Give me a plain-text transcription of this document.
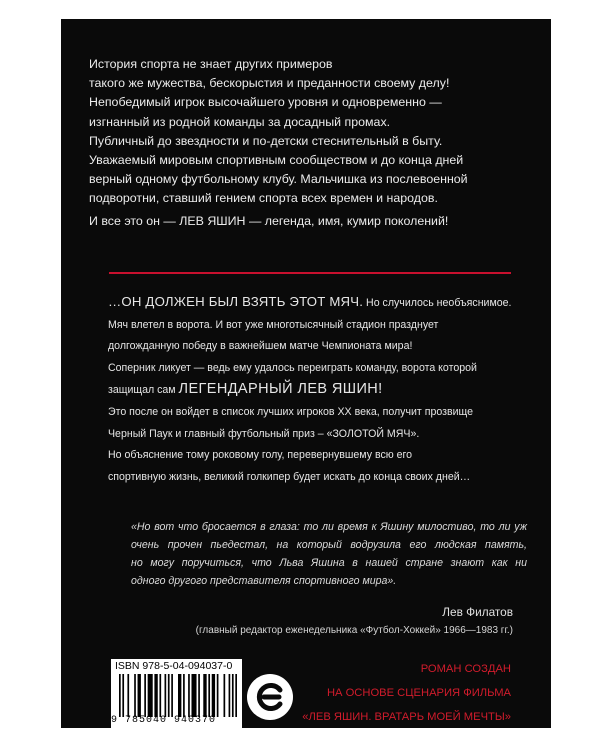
История спорта не знает других примеров

такого же мужества, бескорыстия и преданности своему делу!

Непобедимый игрок высочайшего уровня и одновременно —

изгнанный из родной команды за досадный промах.

Публичный до звездности и по-детски стеснительный в быту.

Уважаемый мировым спортивным сообществом и до конца дней

верный одному футбольному клубу. Мальчишка из послевоенной

подворотни, ставший гением спорта всех времен и народов.

И все это он — ЛЕВ ЯШИН — легенда, имя, кумир поколений!

…ОН ДОЛЖЕН БЫЛ ВЗЯТЬ ЭТОТ МЯЧ. Но случилось необъяснимое.

Мяч влетел в ворота. И вот уже многотысячный стадион празднует

долгожданную победу в важнейшем матче Чемпионата мира!

Соперник ликует — ведь ему удалось переиграть команду, ворота которой

защищал сам ЛЕГЕНДАРНЫЙ ЛЕВ ЯШИН!

Это после он войдет в список лучших игроков XX века, получит прозвище

Черный Паук и главный футбольный приз – «ЗОЛОТОЙ МЯЧ».

Но объяснение тому роковому голу, перевернувшему всю его

спортивную жизнь, великий голкипер будет искать до конца своих дней…

«Но вот что бросается в глаза: то ли время к Яшину милостиво, то ли уж

очень прочен пьедестал, на который водрузила его людская память,

но могу поручиться, что Льва Яшина в нашей стране знают как ни

одного другого представителя спортивного мира».

Лев Филатов
(главный редактор еженедельника «Футбол-Хоккей» 1966—1983 гг.)
ISBN 978-5-04-094037-0
9 785040 940370

РОМАН СОЗДАН

НА ОСНОВЕ СЦЕНАРИЯ ФИЛЬМА

«ЛЕВ ЯШИН. ВРАТАРЬ МОЕЙ МЕЧТЫ»
